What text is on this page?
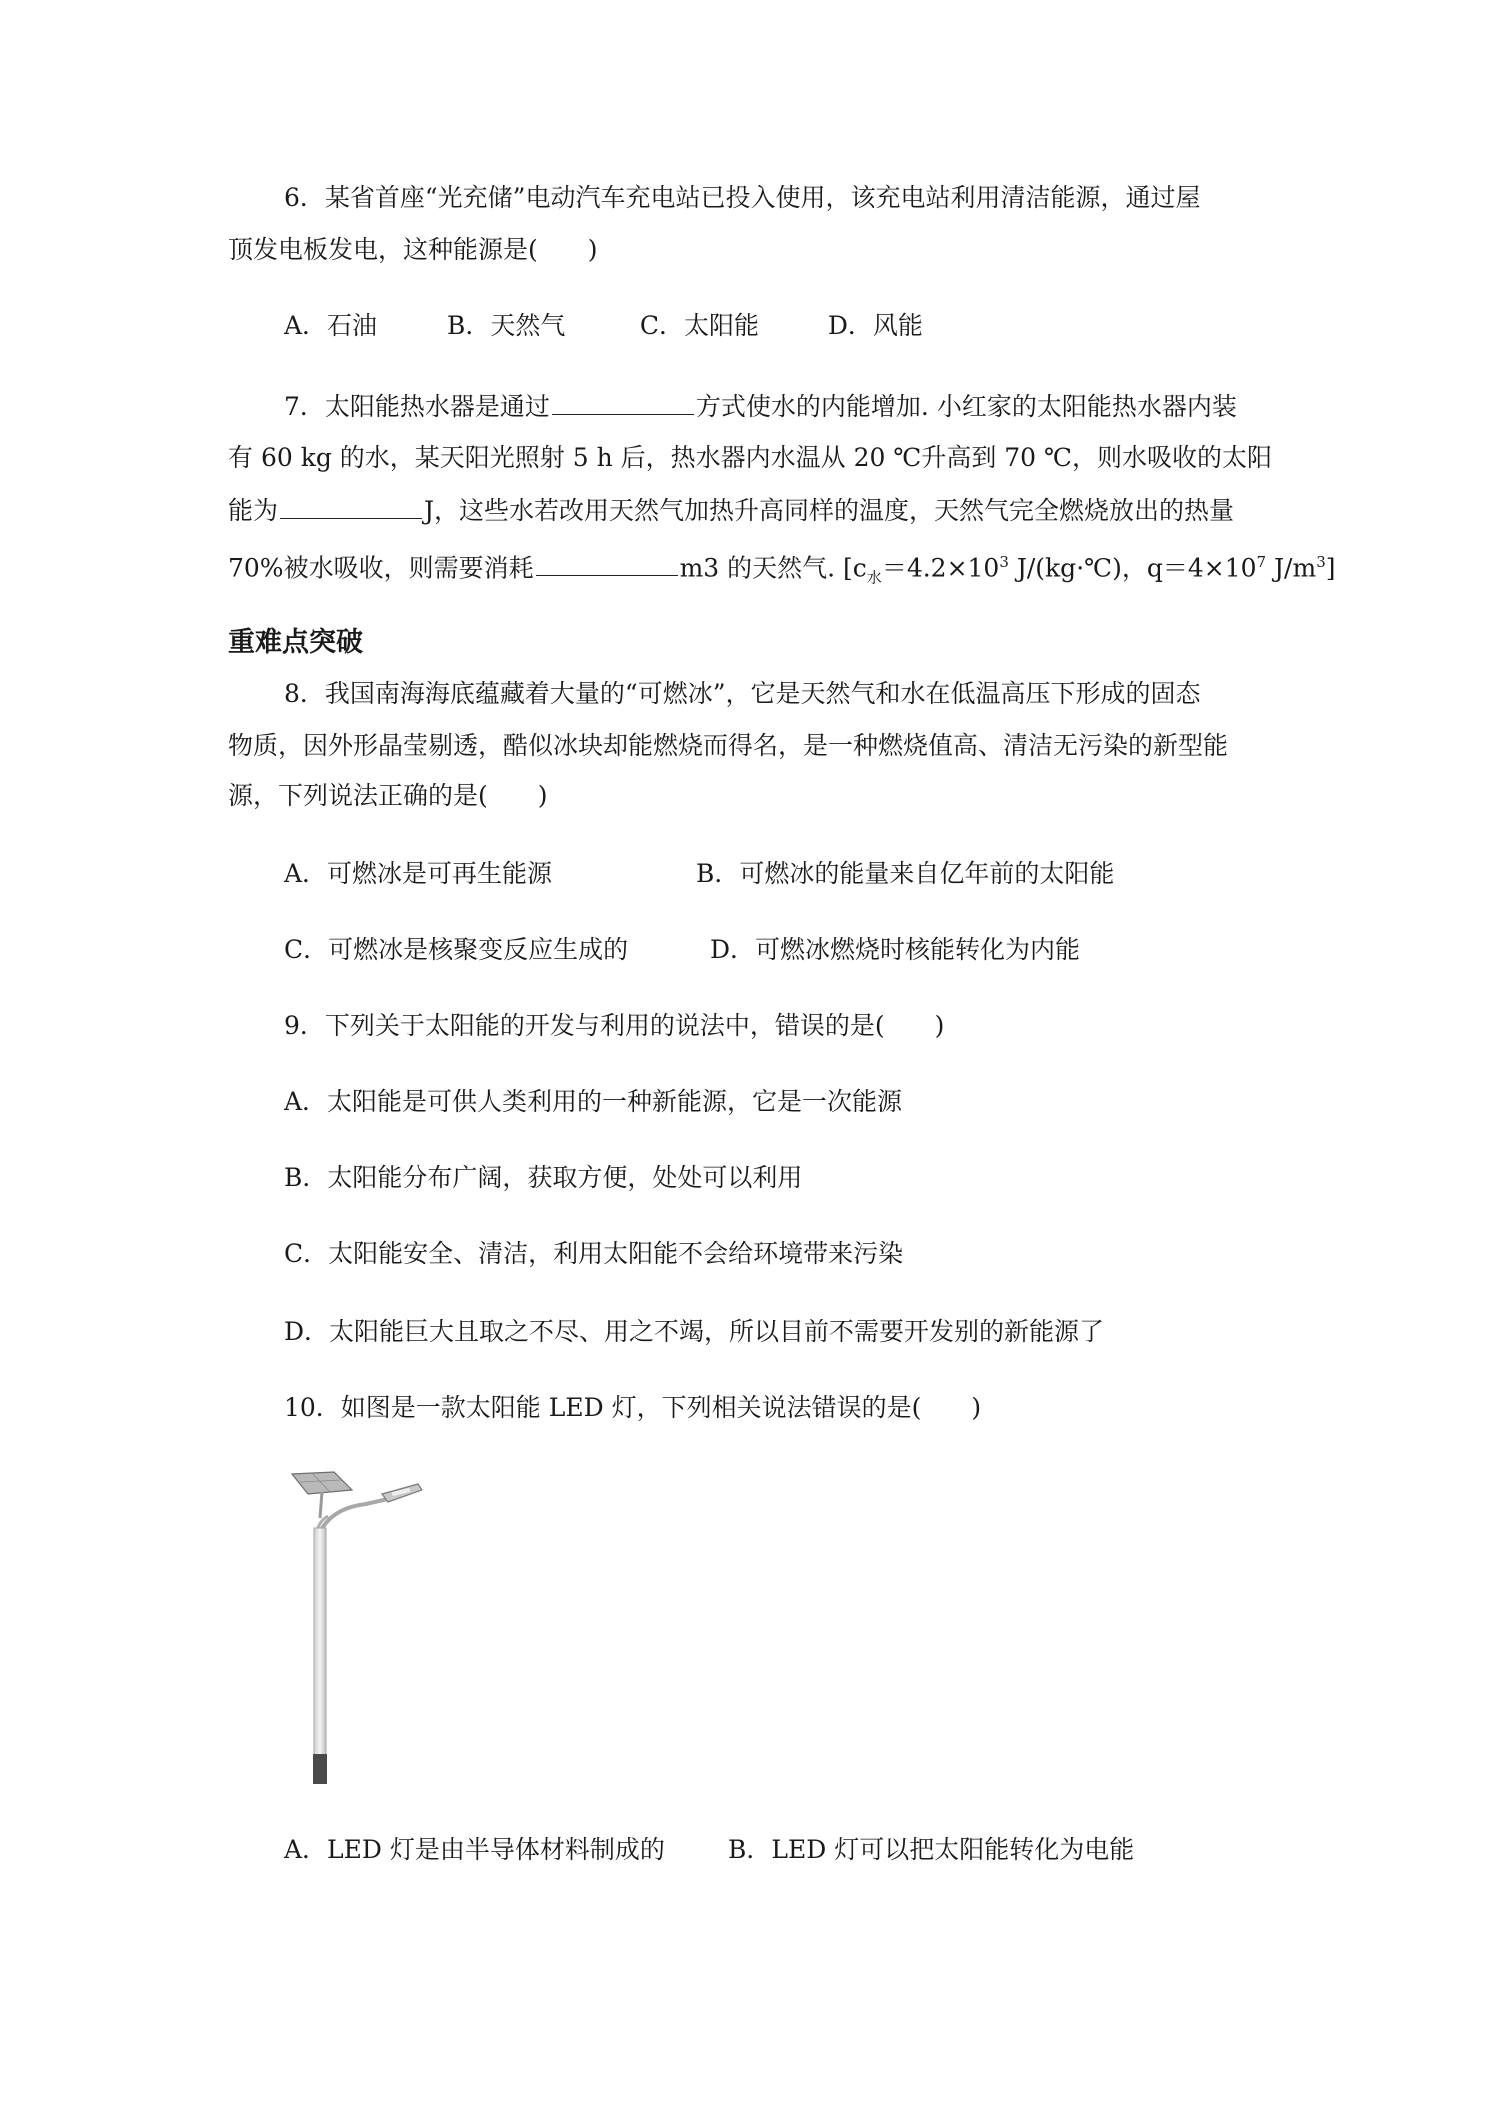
6．某省首座“光充储”电动汽车充电站已投入使用，该充电站利用清洁能源，通过屋
顶发电板发电，这种能源是(　　)
A．石油	B．天然气	C．太阳能	D．风能
7．太阳能热水器是通过	方式使水的内能增加. 小红家的太阳能热水器内装
有 60 kg 的水，某天阳光照射 5 h 后，热水器内水温从 20 ℃升高到 70 ℃，则水吸收的太阳
能为	J，这些水若改用天然气加热升高同样的温度，天然气完全燃烧放出的热量
70%被水吸收，则需要消耗	m3 的天然气. [$c_水=4.2\times 10^3$ J/(kg·℃)，$q=4\times 10^7$ $J/m^3$]
重难点突破
8．我国南海海底蕴藏着大量的“可燃冰”，它是天然气和水在低温高压下形成的固态
物质，因外形晶莹剔透，酷似冰块却能燃烧而得名，是一种燃烧值高、清洁无污染的新型能
源，下列说法正确的是(　　)
A．可燃冰是可再生能源	B．可燃冰的能量来自亿年前的太阳能
C．可燃冰是核聚变反应生成的	D．可燃冰燃烧时核能转化为内能
9．下列关于太阳能的开发与利用的说法中，错误的是(　　)
A．太阳能是可供人类利用的一种新能源，它是一次能源
B．太阳能分布广阔，获取方便，处处可以利用
C．太阳能安全、清洁，利用太阳能不会给环境带来污染
D．太阳能巨大且取之不尽、用之不竭，所以目前不需要开发别的新能源了
10．如图是一款太阳能 LED 灯，下列相关说法错误的是(　　)
A．LED 灯是由半导体材料制成的	B．LED 灯可以把太阳能转化为电能
